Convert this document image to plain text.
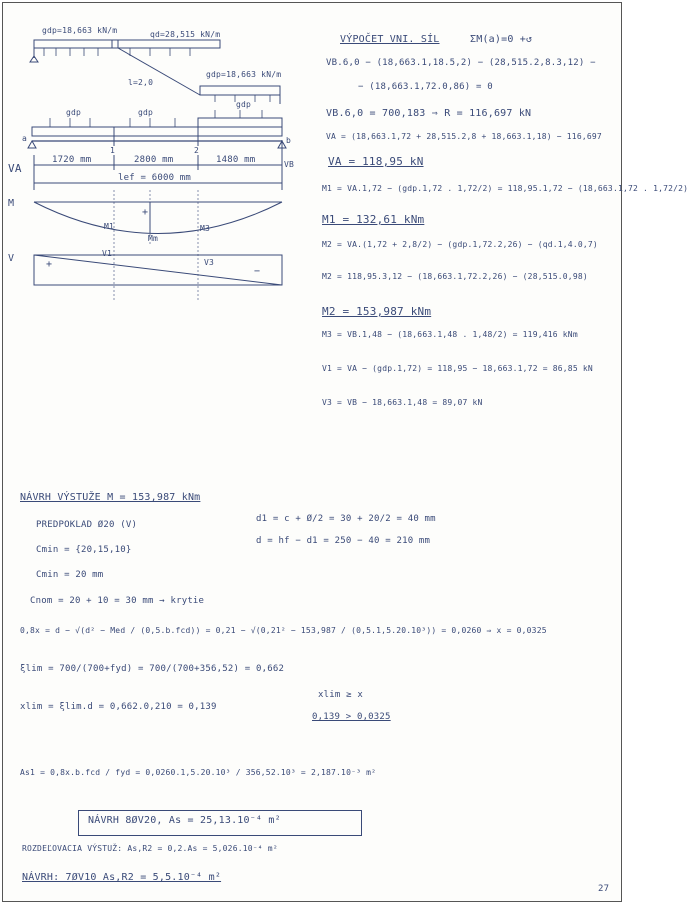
gdp=18,663 kN/m	qd=28,515 kN/m
gdp=18,663 kN/m
l=2,0
gdp	gdp
gdp
a
1	2
b
1720 mm	2800 mm	1480 mm
lef = 6000 mm
VA	VB
M
+
M1
Mm
M3
V
+
−
V1
V3
VÝPOČET VNI. SÍL	ΣM(a)=0 +↺
VB.6,0 − (18,663.1,18.5,2) − (28,515.2,8.3,12) −
− (18,663.1,72.0,86) = 0
VB.6,0 = 700,183 ⇒ R = 116,697 kN
VA = (18,663.1,72 + 28,515.2,8 + 18,663.1,18) − 116,697
VA = 118,95 kN
M1 = VA.1,72 − (gdp.1,72 . 1,72/2) = 118,95.1,72 − (18,663.1,72 . 1,72/2)
M1 = 132,61 kNm
M2 = VA.(1,72 + 2,8/2) − (gdp.1,72.2,26) − (qd.1,4.0,7)
M2 = 118,95.3,12 − (18,663.1,72.2,26) − (28,515.0,98)
M2 = 153,987 kNm
M3 = VB.1,48 − (18,663.1,48 . 1,48/2) = 119,416 kNm
V1 = VA − (gdp.1,72) = 118,95 − 18,663.1,72 = 86,85 kN
V3 = VB − 18,663.1,48 = 89,07 kN
NÁVRH VÝSTUŽE M = 153,987 kNm
PREDPOKLAD Ø20 (V)
Cmin = {20,15,10}
Cmin = 20 mm
Cnom = 20 + 10 = 30 mm → krytie
d1 = c + Ø/2 = 30 + 20/2 = 40 mm
d = hf − d1 = 250 − 40 = 210 mm
0,8x = d − √(d² − Med / (0,5.b.fcd)) = 0,21 − √(0,21² − 153,987 / (0,5.1,5.20.10³)) = 0,0260 ⇒ x = 0,0325
ξlim = 700/(700+fyd) = 700/(700+356,52) = 0,662
xlim = ξlim.d = 0,662.0,210 = 0,139
xlim ≥ x
0,139 > 0,0325
As1 = 0,8x.b.fcd / fyd = 0,0260.1,5.20.10³ / 356,52.10³ = 2,187.10⁻³ m²
NÁVRH 8ØV20, As = 25,13.10⁻⁴ m²
ROZDEĽOVACIA VÝSTUŽ: As,R2 = 0,2.As = 5,026.10⁻⁴ m²
NÁVRH: 7ØV10 As,R2 = 5,5.10⁻⁴ m²
27
